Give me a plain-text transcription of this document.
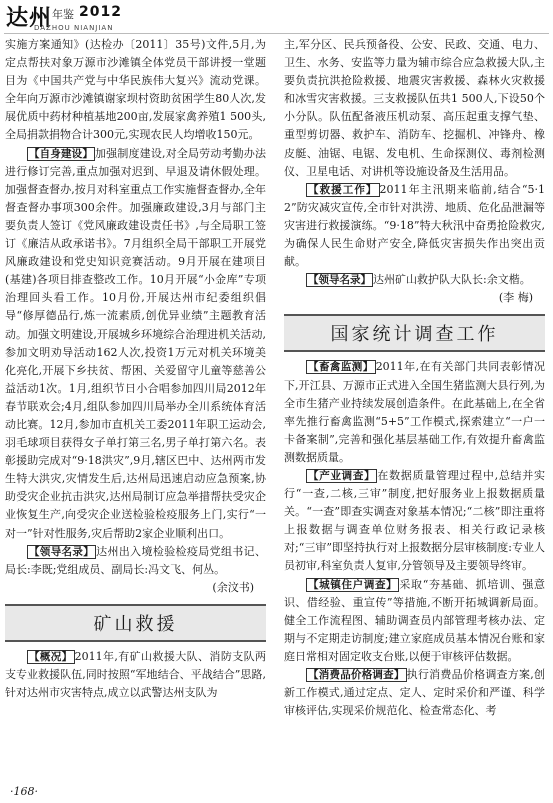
达州 年鉴 2012
DAZHOU NIANJIAN

实施方案通知》(达检办〔2011〕35号)文件,5月,为定点帮扶对象万源市沙滩镇全体党员干部讲授一堂题目为《中国共产党与中华民族伟大复兴》流动党课。全年向万源市沙滩镇谢家坝村资助贫困学生80人次,发展优质中药材种植基地200亩,发展家禽养殖1 500头,全局捐款捐物合计300元,实现农民人均增收150元。

【自身建设】 加强制度建设,对全局劳动考勤办法进行修订完善,重点加强对迟到、早退及请休假处理。加强督查督办,按月对科室重点工作实施督查督办,全年督查督办事项300余件。加强廉政建设,3月与部门主要负责人签订《党风廉政建设责任书》,与全局职工签订《廉洁从政承诺书》。7月组织全局干部职工开展党风廉政建设和党史知识竞赛活动。9月开展在建项目(基建)各项目排查整改工作。10月开展“小金库”专项治理回头看工作。10月份,开展达州市纪委组织倡导“修厚德品行,炼一流素质,创优异业绩”主题教育活动。加强文明建设,开展城乡环境综合治理进机关活动,参加文明劝导活动162人次,投资1万元对机关环境美化亮化,开展下乡扶贫、帮困、关爱留守儿童等慈善公益活动1次。1月,组织节日小合唱参加四川局2012年春节联欢会;4月,组队参加四川局举办全川系统体育活动比赛。12月,参加市直机关工委2011年职工运动会,羽毛球项目获得女子单打第三名,男子单打第六名。表彰援助完成对“9·18洪灾”,9月,辖区巴中、达州两市发生特大洪灾,灾情发生后,达州局迅速启动应急预案,协助受灾企业抗击洪灾,达州局制订应急举措帮扶受灾企业恢复生产,向受灾企业送检验检疫服务上门,实行“一对一”针对性服务,灾后帮助2家企业顺利出口。

【领导名录】 达州出入境检验检疫局党组书记、局长:李既;党组成员、副局长:冯文飞、何丛。

(余汶书)

矿山救援

【概况】 2011年,有矿山救援大队、消防支队两支专业救援队伍,同时按照“军地结合、平战结合”思路,针对达州市灾害特点,成立以武警达州支队为

主,军分区、民兵预备役、公安、民政、交通、电力、卫生、水务、安监等力量为辅市综合应急救援大队,主要负责抗洪抢险救援、地震灾害救援、森林火灾救援和冰雪灾害救援。三支救援队伍共1 500人,下设50个小分队。队伍配备液压机动泵、高压起重支撑气垫、重型剪切器、救护车、消防车、挖掘机、冲锋舟、橡皮艇、油锯、电锯、发电机、生命探测仪、毒剂检测仪、卫星电话、对讲机等设施设备及生活用品。

【救援工作】 2011年主汛期来临前,结合“5·12”防灾减灾宣传,全市针对洪涝、地质、危化品泄漏等灾害进行救援演练。“9·18”特大秋汛中奋勇抢险救灾,为确保人民生命财产安全,降低灾害损失作出突出贡献。

【领导名录】 达州矿山救护队大队长:余文楷。

(李 梅)

国家统计调查工作

【畜禽监测】 2011年,在有关部门共同表彰情况下,开江县、万源市正式进入全国生猪监测大县行列,为全市生猪产业持续发展创造条件。在此基础上,在全省率先推行畜禽监测“5+5”工作模式,探索建立“一户一卡备案制”,完善和强化基层基础工作,有效提升畜禽监测数据质量。

【产业调查】 在数据质量管理过程中,总结并实行“一查,二核,三审”制度,把好服务业上报数据质量关。“一查”即查实调查对象基本情况;“二核”即注重将上报数据与调查单位财务报表、相关行政记录核对;“三审”即坚持执行对上报数据分层审核制度:专业人员初审,科室负责人复审,分管领导及主要领导终审。

【城镇住户调查】 采取“夯基础、抓培训、强意识、借经验、重宣传”等措施,不断开拓城调新局面。健全工作流程图、辅助调查员内部管理考核办法、定期与不定期走访制度;建立家庭成员基本情况台账和家庭日常相对固定收支台账,以便于审核评估数据。

【消费品价格调查】 执行消费品价格调查方案,创新工作模式,通过定点、定人、定时采价和严谨、科学审核评估,实现采价规范化、检查常态化、考

·168·
